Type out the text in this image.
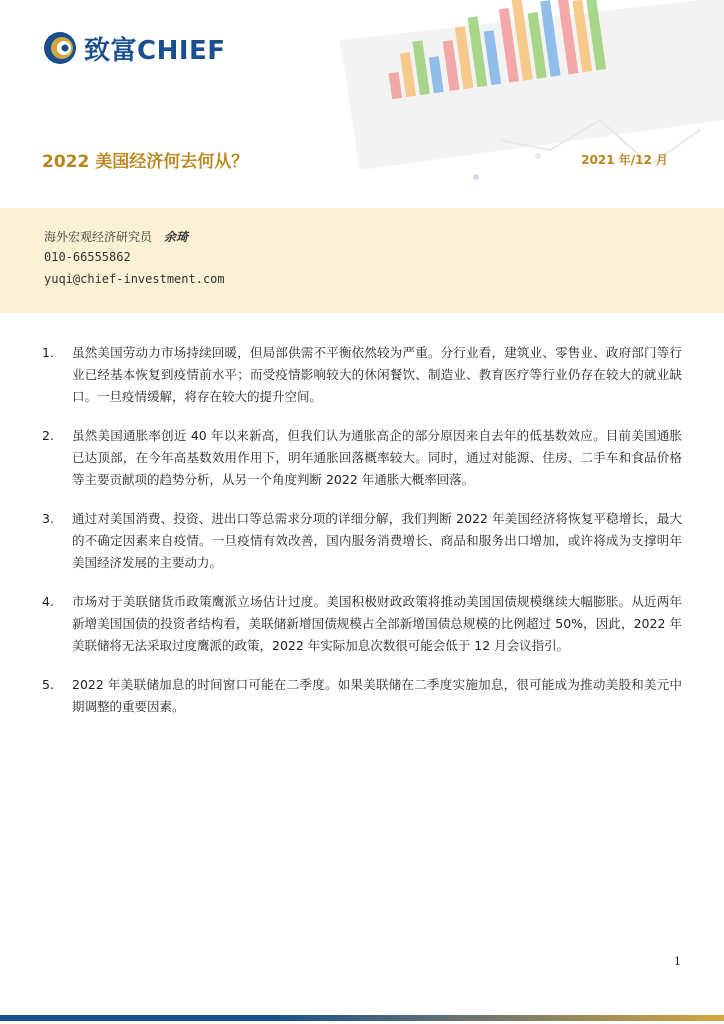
致富CHIEF
2022 美国经济何去何从？	2021 年/12 月
海外宏观经济研究员 余琦
010-66555862
yuqi@chief-investment.com
1.	虽然美国劳动力市场持续回暖，但局部供需不平衡依然较为严重。分行业看，建筑业、零售业、政府部门等行业已经基本恢复到疫情前水平；而受疫情影响较大的休闲餐饮、制造业、教育医疗等行业仍存在较大的就业缺口。一旦疫情缓解，将存在较大的提升空间。
2.	虽然美国通胀率创近 40 年以来新高，但我们认为通胀高企的部分原因来自去年的低基数效应。目前美国通胀已达顶部，在今年高基数效用作用下，明年通胀回落概率较大。同时，通过对能源、住房、二手车和食品价格等主要贡献项的趋势分析，从另一个角度判断 2022 年通胀大概率回落。
3.	通过对美国消费、投资、进出口等总需求分项的详细分解，我们判断 2022 年美国经济将恢复平稳增长，最大的不确定因素来自疫情。一旦疫情有效改善，国内服务消费增长、商品和服务出口增加，或许将成为支撑明年美国经济发展的主要动力。
4.	市场对于美联储货币政策鹰派立场估计过度。美国积极财政政策将推动美国国债规模继续大幅膨胀。从近两年新增美国国债的投资者结构看，美联储新增国债规模占全部新增国债总规模的比例超过 50%，因此，2022 年美联储将无法采取过度鹰派的政策，2022 年实际加息次数很可能会低于 12 月会议指引。
5.	2022 年美联储加息的时间窗口可能在二季度。如果美联储在二季度实施加息，很可能成为推动美股和美元中期调整的重要因素。
1
